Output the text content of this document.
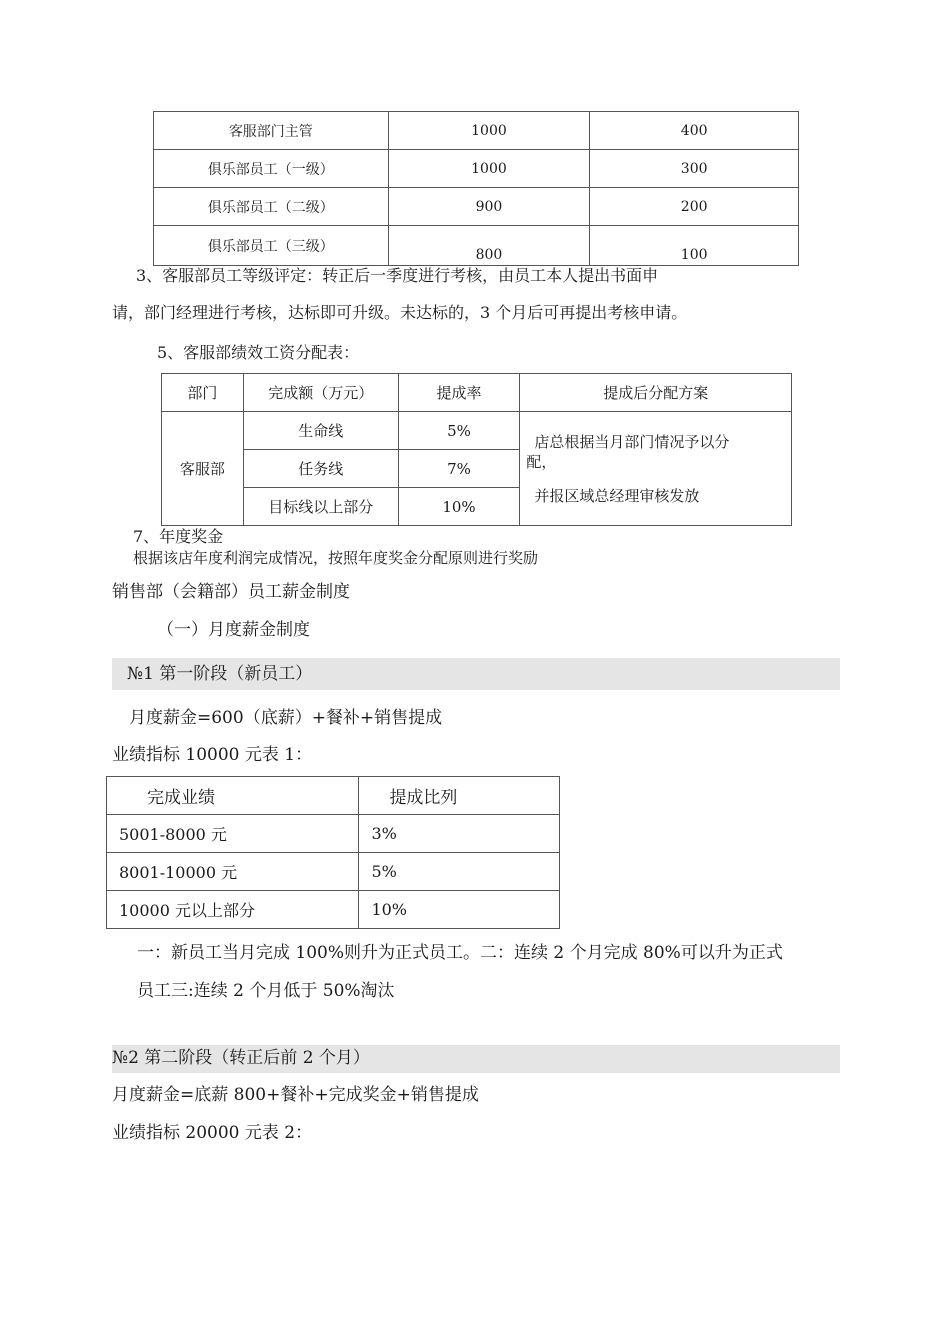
客服部门主管	1000	400
俱乐部员工（一级）	1000	300
俱乐部员工（二级）	900	200
俱乐部员工（三级）	800	100
3、客服部员工等级评定：转正后一季度进行考核，由员工本人提出书面申
请，部门经理进行考核，达标即可升级。未达标的，3 个月后可再提出考核申请。
5、客服部绩效工资分配表：
部门	完成额（万元）	提成率	提成后分配方案
客服部	生命线	5%	店总根据当月部门情况予以分
配，
并报区域总经理审核发放

	任务线	7%	
	目标线以上部分	10%	
7、年度奖金
根据该店年度利润完成情况，按照年度奖金分配原则进行奖励
销售部（会籍部）员工薪金制度
（一）月度薪金制度
№1 第一阶段（新员工）
月度薪金=600（底薪）+餐补+销售提成
业绩指标 10000 元表 1：
完成业绩	提成比列
5001-8000 元	3%
8001-10000 元	5%
10000 元以上部分	10%
一：新员工当月完成 100%则升为正式员工。二：连续 2 个月完成 80%可以升为正式
员工三:连续 2 个月低于 50%淘汰
№2 第二阶段（转正后前 2 个月）
月度薪金=底薪 800+餐补+完成奖金+销售提成
业绩指标 20000 元表 2：
